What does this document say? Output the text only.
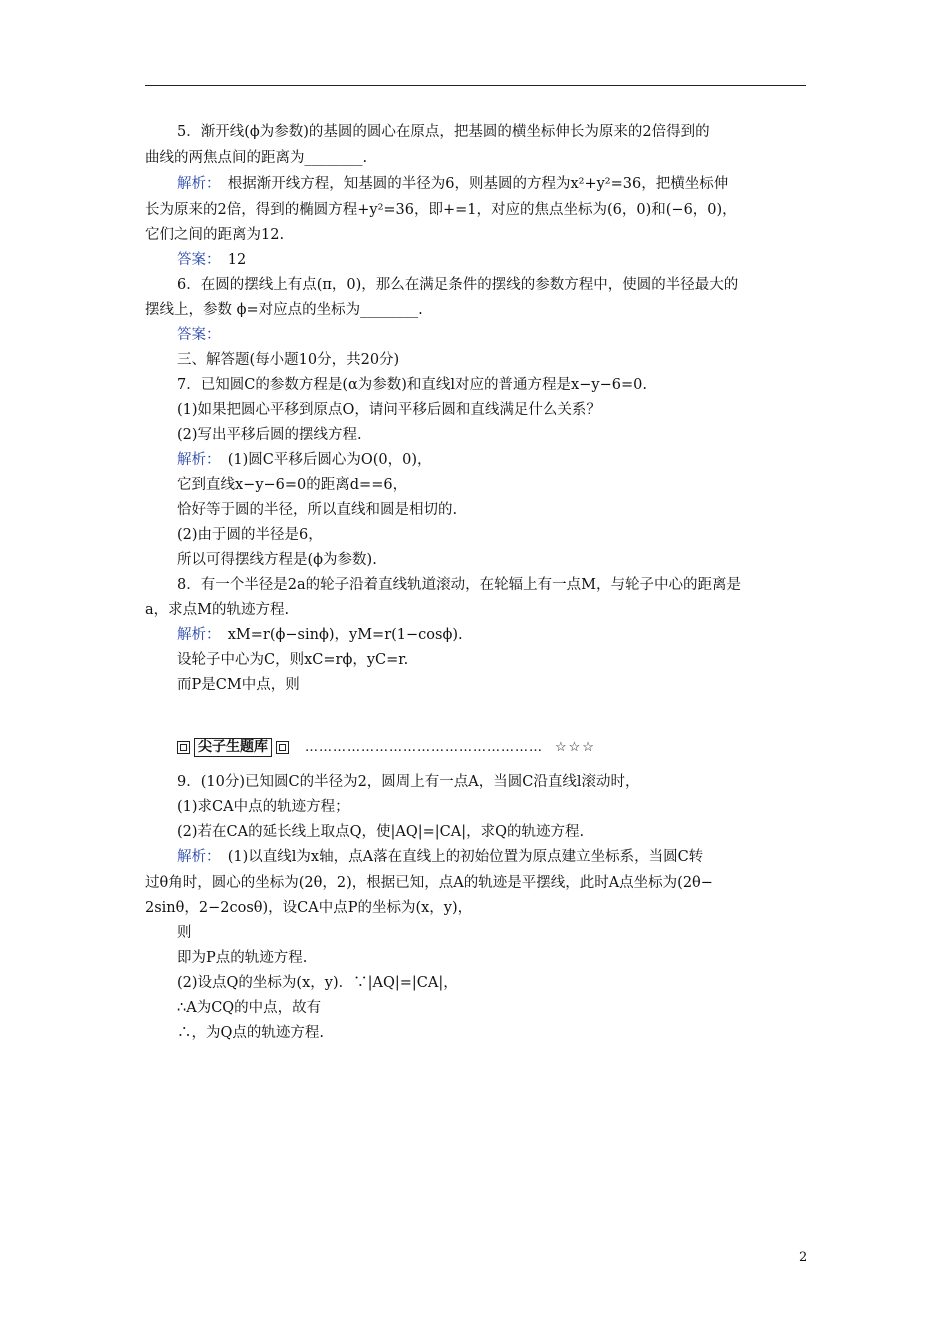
5．渐开线(ϕ为参数)的基圆的圆心在原点，把基圆的横坐标伸长为原来的2倍得到的
曲线的两焦点间的距离为________.
解析：　根据渐开线方程，知基圆的半径为6，则基圆的方程为x²+y²=36，把横坐标伸
长为原来的2倍，得到的椭圆方程+y²=36，即+=1，对应的焦点坐标为(6，0)和(−6，0)，
它们之间的距离为12.
答案：　12
6．在圆的摆线上有点(π，0)，那么在满足条件的摆线的参数方程中，使圆的半径最大的
摆线上，参数 ϕ=对应点的坐标为________.
答案：
三、解答题(每小题10分，共20分)
7．已知圆C的参数方程是(α为参数)和直线l对应的普通方程是x−y−6=0.
(1)如果把圆心平移到原点O，请问平移后圆和直线满足什么关系？
(2)写出平移后圆的摆线方程.
解析：　(1)圆C平移后圆心为O(0，0)，
它到直线x−y−6=0的距离d==6，
恰好等于圆的半径，所以直线和圆是相切的.
(2)由于圆的半径是6，
所以可得摆线方程是(ϕ为参数).
8．有一个半径是2a的轮子沿着直线轨道滚动，在轮辐上有一点M，与轮子中心的距离是
a，求点M的轨迹方程.
解析：　xM=r(ϕ−sinϕ)，yM=r(1−cosϕ).
设轮子中心为C，则xC=rϕ，yC=r.
而P是CM中点，则
尖子生题库	…………………………………………… ☆☆☆
9．(10分)已知圆C的半径为2，圆周上有一点A，当圆C沿直线l滚动时，
(1)求CA中点的轨迹方程；
(2)若在CA的延长线上取点Q，使|AQ|=|CA|，求Q的轨迹方程.
解析：　(1)以直线l为x轴，点A落在直线上的初始位置为原点建立坐标系，当圆C转
过θ角时，圆心的坐标为(2θ，2)，根据已知，点A的轨迹是平摆线，此时A点坐标为(2θ−
2sinθ，2−2cosθ)，设CA中点P的坐标为(x，y)，
则
即为P点的轨迹方程.
(2)设点Q的坐标为(x，y)．∵|AQ|=|CA|，
∴A为CQ的中点，故有
∴，为Q点的轨迹方程.
2
